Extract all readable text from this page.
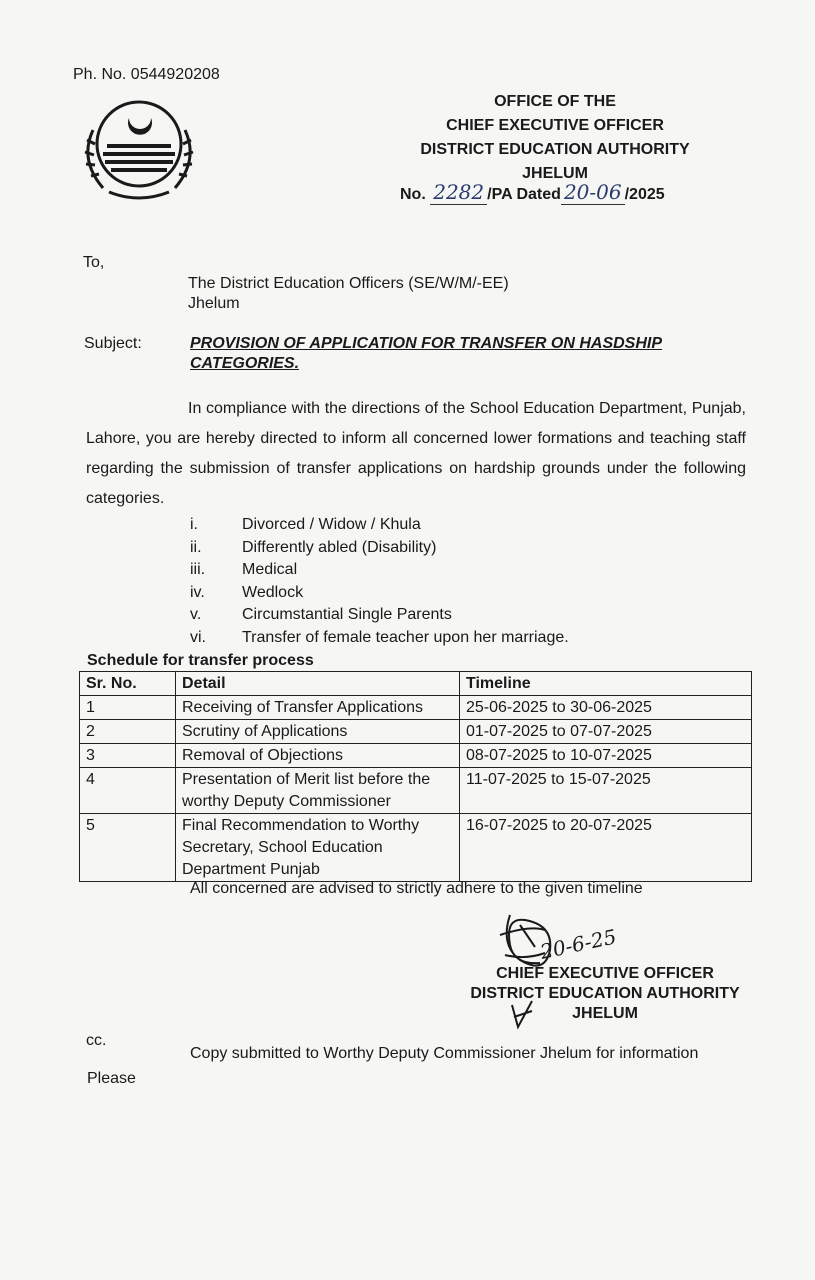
Ph. No. 0544920208
OFFICE OF THE
CHIEF EXECUTIVE OFFICER
DISTRICT EDUCATION AUTHORITY
JHELUM
No. 2282 /PA Dated 20-06 /2025
To,
The District Education Officers (SE/W/M/-EE)
Jhelum
Subject:	PROVISION OF APPLICATION FOR TRANSFER ON HASDSHIP CATEGORIES.
In compliance with the directions of the School Education Department, Punjab, Lahore, you are hereby directed to inform all concerned lower formations and teaching staff regarding the submission of transfer applications on hardship grounds under the following categories.
i.	Divorced / Widow / Khula
ii.	Differently abled (Disability)
iii.	Medical
iv.	Wedlock
v.	Circumstantial Single Parents
vi.	Transfer of female teacher upon her marriage.
Schedule for transfer process
Sr. No.	Detail	Timeline
1	Receiving of Transfer Applications	25-06-2025 to 30-06-2025
2	Scrutiny of Applications	01-07-2025 to 07-07-2025
3	Removal of Objections	08-07-2025 to 10-07-2025
4	Presentation of Merit list before the worthy Deputy Commissioner	11-07-2025 to 15-07-2025
5	Final Recommendation to Worthy Secretary, School Education Department Punjab	16-07-2025 to 20-07-2025
All concerned are advised to strictly adhere to the given timeline
20-6-25
CHIEF EXECUTIVE OFFICER
DISTRICT EDUCATION AUTHORITY
JHELUM
cc.
Copy submitted to Worthy Deputy Commissioner Jhelum for information
Please
